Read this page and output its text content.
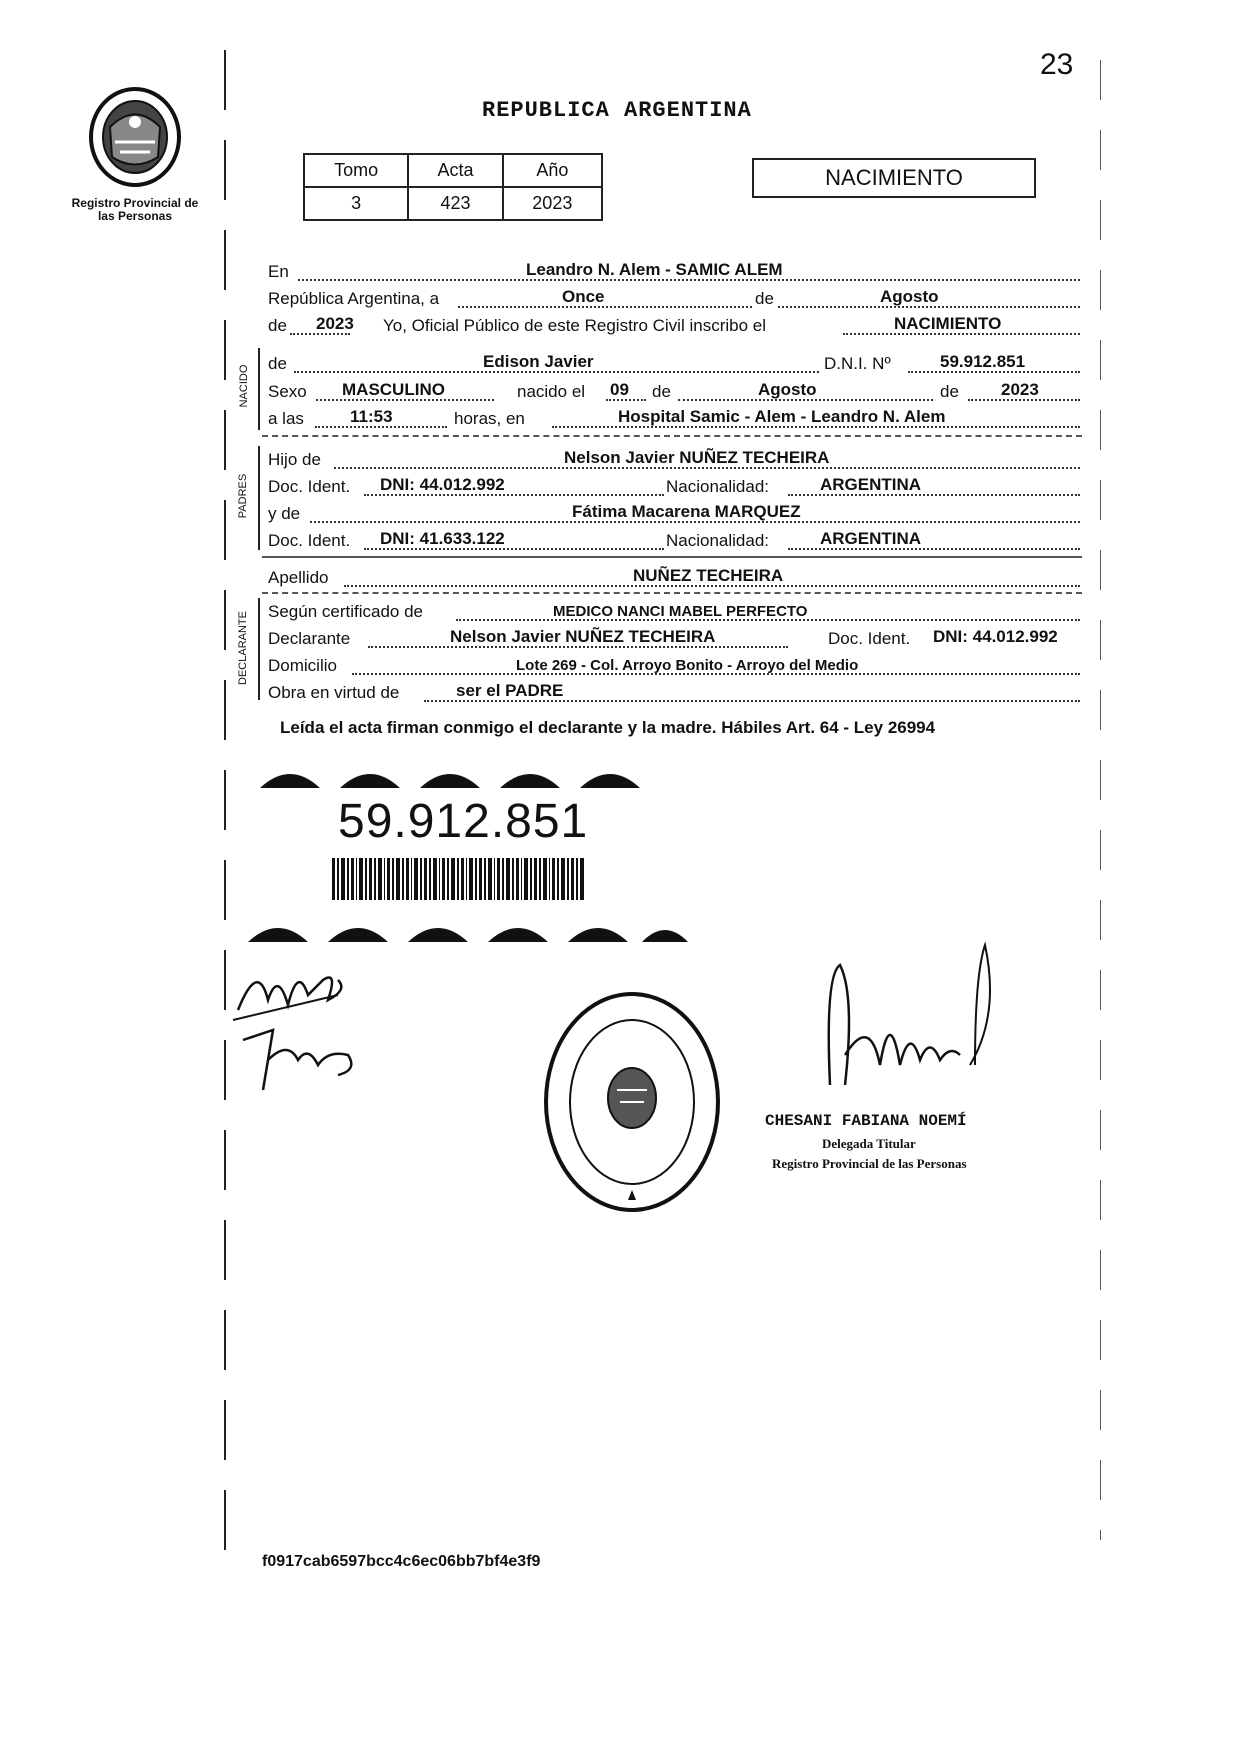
Registro Provincial de las Personas
23
REPUBLICA ARGENTINA
Tomo	Acta	Año
3	423	2023
NACIMIENTO
En	Leandro N. Alem - SAMIC ALEM
República Argentina, a	Once	de	Agosto
de 2023 Yo, Oficial Público de este Registro Civil inscribo el	NACIMIENTO
NACIDO
de	Edison Javier	D.N.I. Nº	59.912.851
Sexo MASCULINO	nacido el 09 de	Agosto	de 2023
a las	11:53	horas, en	Hospital Samic - Alem - Leandro N. Alem
PADRES
Hijo de	Nelson Javier NUÑEZ TECHEIRA
Doc. Ident. DNI: 44.012.992	Nacionalidad:	ARGENTINA
y de	Fátima Macarena MARQUEZ
Doc. Ident. DNI: 41.633.122	Nacionalidad:	ARGENTINA
Apellido	NUÑEZ TECHEIRA
DECLARANTE Según certificado de	MEDICO NANCI MABEL PERFECTO
Declarante	Nelson Javier NUÑEZ TECHEIRA	Doc. Ident. DNI: 44.012.992
Domicilio	Lote 269 - Col. Arroyo Bonito - Arroyo del Medio
Obra en virtud de	ser el PADRE
Leída el acta firman conmigo el declarante y la madre. Hábiles Art. 64 - Ley 26994
59.912.851
CHESANI FABIANA NOEMÍ
Delegada Titular
Registro Provincial de las Personas
f0917cab6597bcc4c6ec06bb7bf4e3f9
